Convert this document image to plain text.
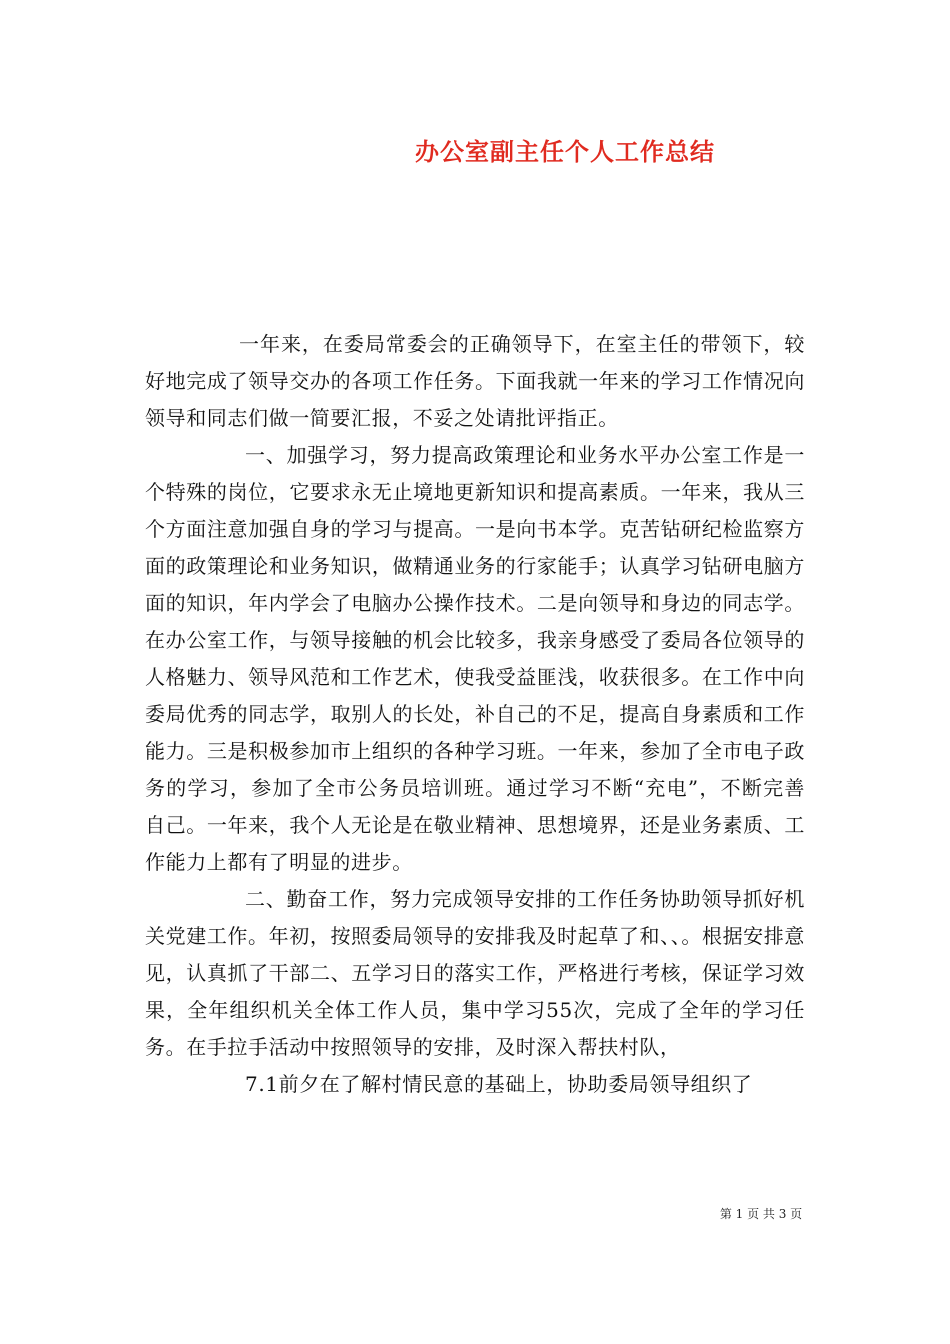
办公室副主任个人工作总结

一年来，在委局常委会的正确领导下，在室主任的带领下，较好地完成了领导交办的各项工作任务。下面我就一年来的学习工作情况向领导和同志们做一简要汇报，不妥之处请批评指正。

一、加强学习，努力提高政策理论和业务水平办公室工作是一个特殊的岗位，它要求永无止境地更新知识和提高素质。一年来，我从三个方面注意加强自身的学习与提高。一是向书本学。克苦钻研纪检监察方面的政策理论和业务知识，做精通业务的行家能手；认真学习钻研电脑方面的知识，年内学会了电脑办公操作技术。二是向领导和身边的同志学。在办公室工作，与领导接触的机会比较多，我亲身感受了委局各位领导的人格魅力、领导风范和工作艺术，使我受益匪浅，收获很多。在工作中向委局优秀的同志学，取别人的长处，补自己的不足，提高自身素质和工作能力。三是积极参加市上组织的各种学习班。一年来，参加了全市电子政务的学习，参加了全市公务员培训班。通过学习不断“充电”，不断完善自己。一年来，我个人无论是在敬业精神、思想境界，还是业务素质、工作能力上都有了明显的进步。

二、勤奋工作，努力完成领导安排的工作任务协助领导抓好机关党建工作。年初，按照委局领导的安排我及时起草了和、、。根据安排意见，认真抓了干部二、五学习日的落实工作，严格进行考核，保证学习效果，全年组织机关全体工作人员，集中学习55次，完成了全年的学习任务。在手拉手活动中按照领导的安排，及时深入帮扶村队，

7.1前夕在了解村情民意的基础上，协助委局领导组织了

第 1 页 共 3 页
